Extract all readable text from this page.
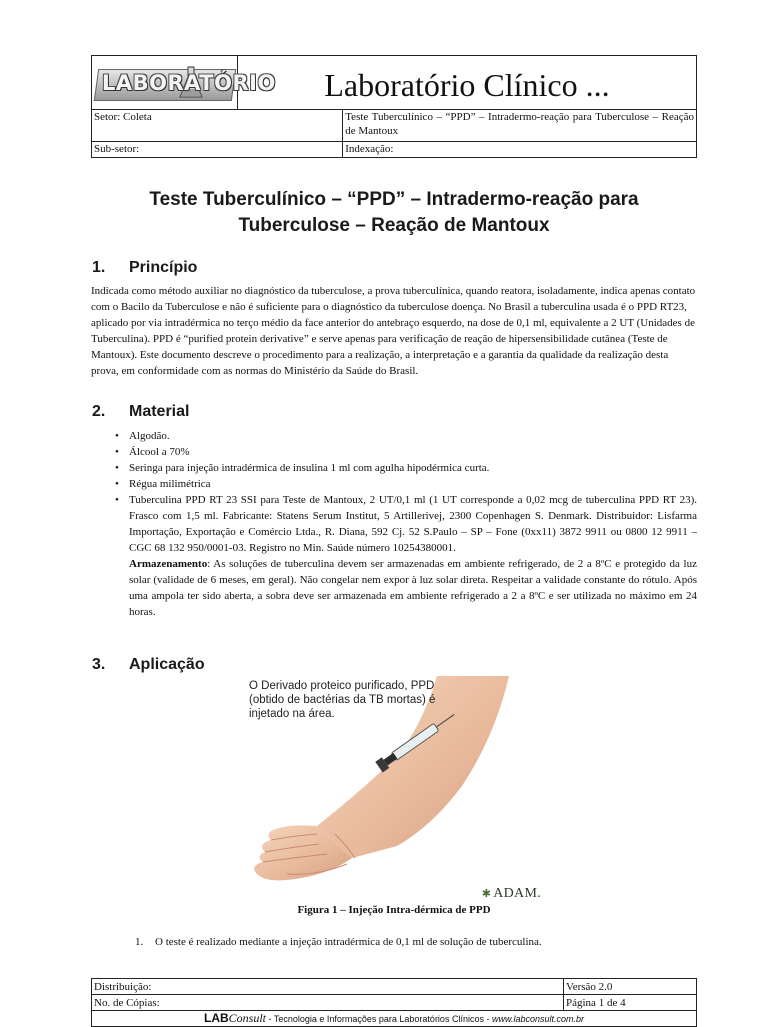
LABORATÓRIO	Laboratório Clínico ...	
Setor: Coleta		Teste Tuberculínico – “PPD” – Intradermo-reação para Tuberculose – Reação de Mantoux
Sub-setor:		Indexação:
Teste Tuberculínico – “PPD” – Intradermo-reação para
Tuberculose – Reação de Mantoux
1. Princípio

Indicada como método auxiliar no diagnóstico da tuberculose, a prova tuberculínica, quando reatora, isoladamente, indica apenas contato com o Bacilo da Tuberculose e não é suficiente para o diagnóstico da tuberculose doença. No Brasil a tuberculina usada é o PPD RT23, aplicado por via intradérmica no terço médio da face anterior do antebraço esquerdo, na dose de 0,1 ml, equivalente a 2 UT (Unidades de Tuberculina). PPD é “purified protein derivative” e serve apenas para verificação de reação de hipersensibilidade cutânea (Teste de Mantoux). Este documento descreve o procedimento para a realização, a interpretação e a garantia da qualidade da realização desta prova, em conformidade com as normas do Ministério da Saúde do Brasil.

2. Material
• Algodão.
• Álcool a 70%
• Seringa para injeção intradérmica de insulina 1 ml com agulha hipodérmica curta.
• Régua milimétrica
• Tuberculina PPD RT 23 SSI para Teste de Mantoux, 2 UT/0,1 ml (1 UT corresponde a 0,02 mcg de tuberculina PPD RT 23). Frasco com 1,5 ml. Fabricante: Statens Serum Institut, 5 Artillerivej, 2300 Copenhagen S. Denmark. Distribuidor: Lisfarma Importação, Exportação e Comércio Ltda., R. Diana, 592 Cj. 52 S.Paulo – SP – Fone (0xx11) 3872 9911 ou 0800 12 9911 – CGC 68 132 950/0001-03. Registro no Min. Saúde número 10254380001.
Armazenamento: As soluções de tuberculina devem ser armazenadas em ambiente refrigerado, de 2 a 8ºC e protegido da luz solar (validade de 6 meses, em geral). Não congelar nem expor à luz solar direta. Respeitar a validade constante do rótulo. Após uma ampola ter sido aberta, a sobra deve ser armazenada em ambiente refrigerado a 2 a 8ºC e ser utilizada no máximo em 24 horas.
3. Aplicação
O Derivado proteico purificado, PPD (obtido de bactérias da TB mortas) é injetado na área.
✱ ADAM.
Figura 1 – Injeção Intra-dérmica de PPD
1. O teste é realizado mediante a injeção intradérmica de 0,1 ml de solução de tuberculina.
Distribuição:	Versão 2.0
No. de Cópias:	Página 1 de 4
LABConsult - Tecnologia e Informações para Laboratórios Clínicos - www.labconsult.com.br	
